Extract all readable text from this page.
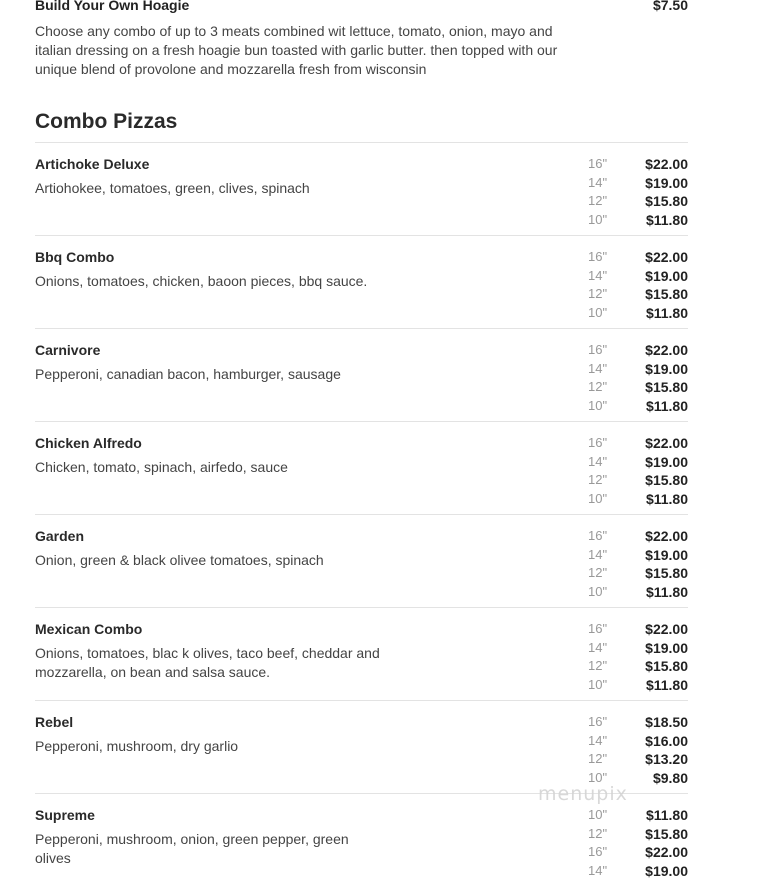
Build Your Own Hoagie	$7.50
Choose any combo of up to 3 meats combined wit lettuce, tomato, onion, mayo and italian dressing on a fresh hoagie bun toasted with garlic butter. then topped with our unique blend of provolone and mozzarella fresh from wisconsin
Combo Pizzas
Artichoke Deluxe
Artiohokee, tomatoes, green, clives, spinach
16"	$22.00
14"	$19.00
12"	$15.80
10"	$11.80
Bbq Combo
Onions, tomatoes, chicken, baoon pieces, bbq sauce.
16"	$22.00
14"	$19.00
12"	$15.80
10"	$11.80
Carnivore
Pepperoni, canadian bacon, hamburger, sausage
16"	$22.00
14"	$19.00
12"	$15.80
10"	$11.80
Chicken Alfredo
Chicken, tomato, spinach, airfedo, sauce
16"	$22.00
14"	$19.00
12"	$15.80
10"	$11.80
Garden
Onion, green & black olivee tomatoes, spinach
16"	$22.00
14"	$19.00
12"	$15.80
10"	$11.80
Mexican Combo
Onions, tomatoes, blac k olives, taco beef, cheddar and mozzarella, on bean and salsa sauce.
16"	$22.00
14"	$19.00
12"	$15.80
10"	$11.80
Rebel
Pepperoni, mushroom, dry garlio
16"	$18.50
14"	$16.00
12"	$13.20
10"	$9.80
Supreme
Pepperoni, mushroom, onion, green pepper, green olives
10"	$11.80
12"	$15.80
16"	$22.00
14"	$19.00
menupix
